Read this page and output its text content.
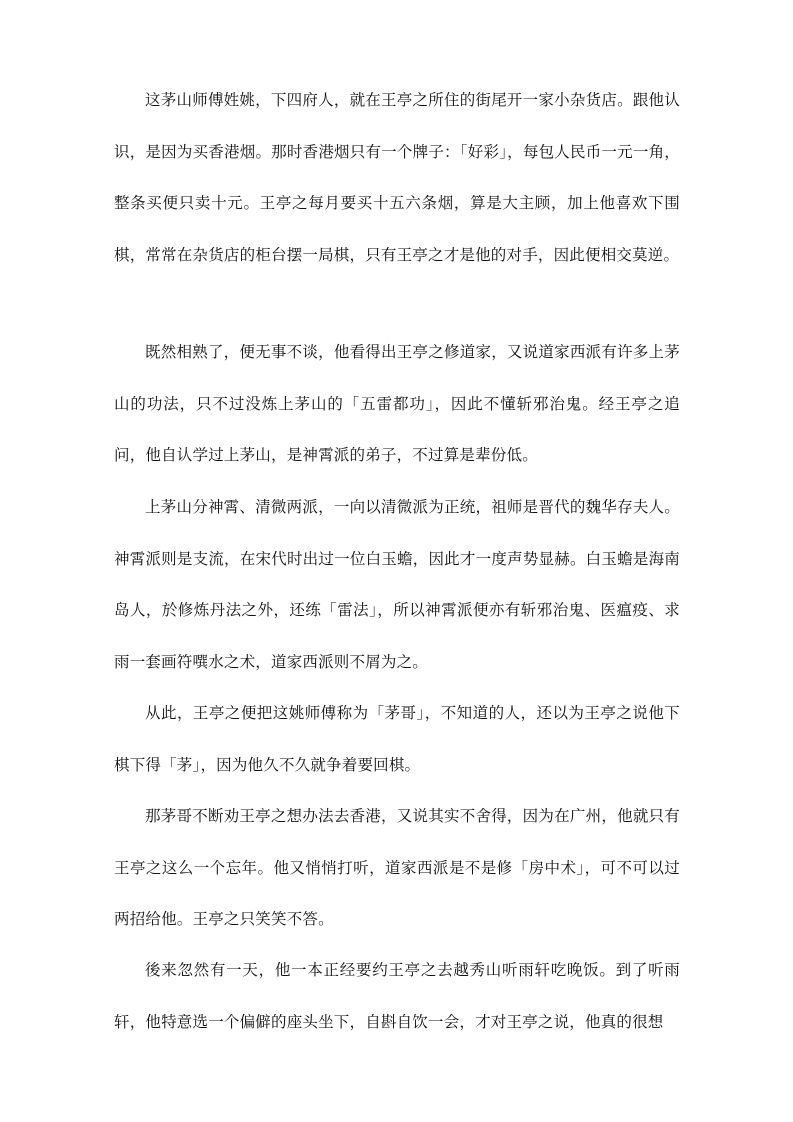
这茅山师傅姓姚，下四府人，就在王亭之所住的街尾开一家小杂货店。跟他认识，是因为买香港烟。那时香港烟只有一个牌子：「好彩」，每包人民币一元一角，整条买便只卖十元。王亭之每月要买十五六条烟，算是大主顾，加上他喜欢下围棋，常常在杂货店的柜台摆一局棋，只有王亭之才是他的对手，因此便相交莫逆。

既然相熟了，便无事不谈，他看得出王亭之修道家，又说道家西派有许多上茅山的功法，只不过没炼上茅山的「五雷都功」，因此不懂斩邪治鬼。经王亭之追问，他自认学过上茅山，是神霄派的弟子，不过算是辈份低。

上茅山分神霄、清微两派，一向以清微派为正统，祖师是晋代的魏华存夫人。神霄派则是支流，在宋代时出过一位白玉蟾，因此才一度声势显赫。白玉蟾是海南岛人，於修炼丹法之外，还练「雷法」，所以神霄派便亦有斩邪治鬼、医瘟疫、求雨一套画符噀水之术，道家西派则不屑为之。

从此，王亭之便把这姚师傅称为「茅哥」，不知道的人，还以为王亭之说他下棋下得「茅」，因为他久不久就争着要回棋。

那茅哥不断劝王亭之想办法去香港，又说其实不舍得，因为在广州，他就只有王亭之这么一个忘年。他又悄悄打听，道家西派是不是修「房中术」，可不可以过两招给他。王亭之只笑笑不答。

後来忽然有一天，他一本正经要约王亭之去越秀山听雨轩吃晚饭。到了听雨轩，他特意选一个偏僻的座头坐下，自斟自饮一会，才对王亭之说，他真的很想
